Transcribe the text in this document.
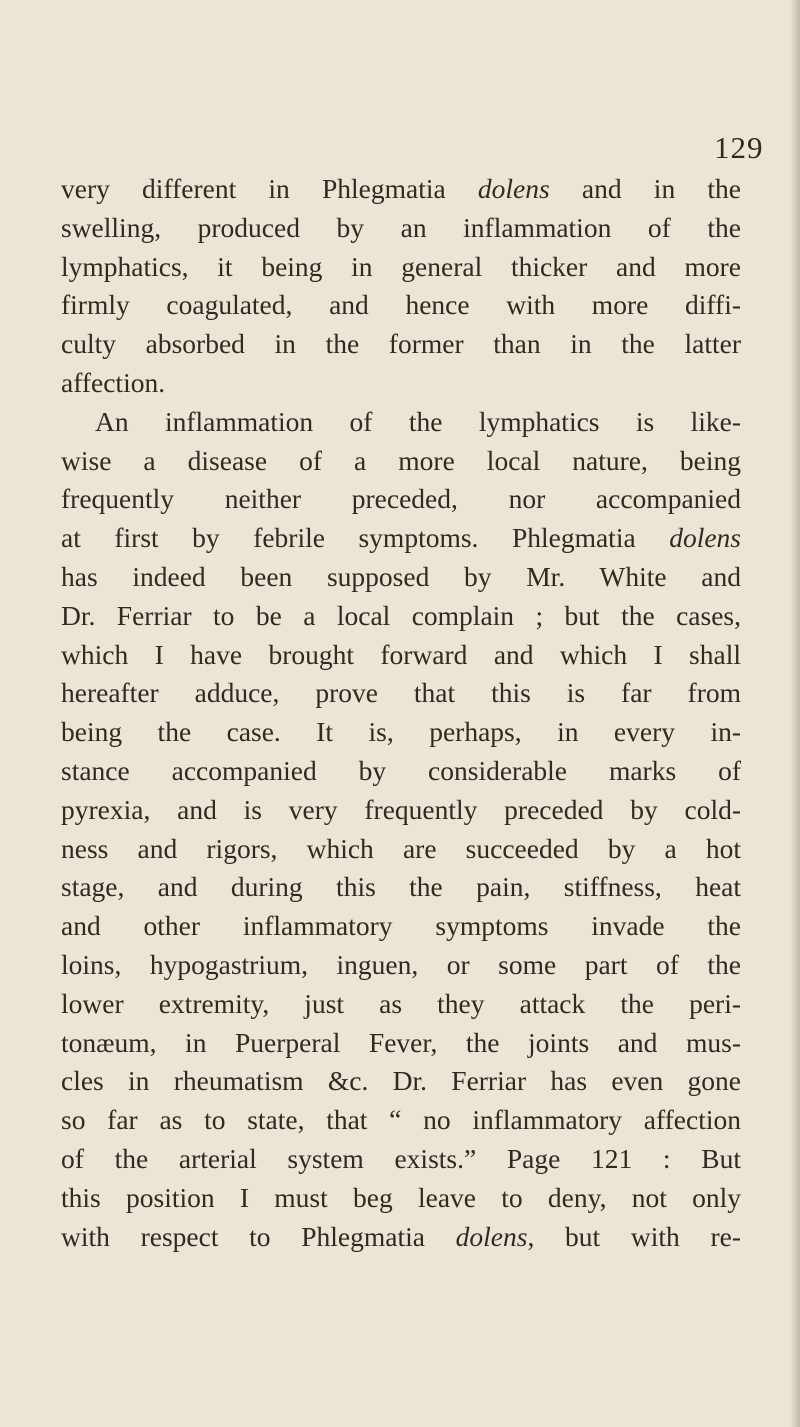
129
very different in Phlegmatia dolens and in the
swelling, produced by an inflammation of the
lymphatics, it being in general thicker and more
firmly coagulated, and hence with more diffi-
culty absorbed in the former than in the latter
affection.
An inflammation of the lymphatics is like-
wise a disease of a more local nature, being
frequently neither preceded, nor accompanied
at first by febrile symptoms. Phlegmatia dolens
has indeed been supposed by Mr. White and
Dr. Ferriar to be a local complain ; but the cases,
which I have brought forward and which I shall
hereafter adduce, prove that this is far from
being the case. It is, perhaps, in every in-
stance accompanied by considerable marks of
pyrexia, and is very frequently preceded by cold-
ness and rigors, which are succeeded by a hot
stage, and during this the pain, stiffness, heat
and other inflammatory symptoms invade the
loins, hypogastrium, inguen, or some part of the
lower extremity, just as they attack the peri-
tonæum, in Puerperal Fever, the joints and mus-
cles in rheumatism &c. Dr. Ferriar has even gone
so far as to state, that “ no inflammatory affection
of the arterial system exists.” Page 121 : But
this position I must beg leave to deny, not only
with respect to Phlegmatia dolens, but with re-
